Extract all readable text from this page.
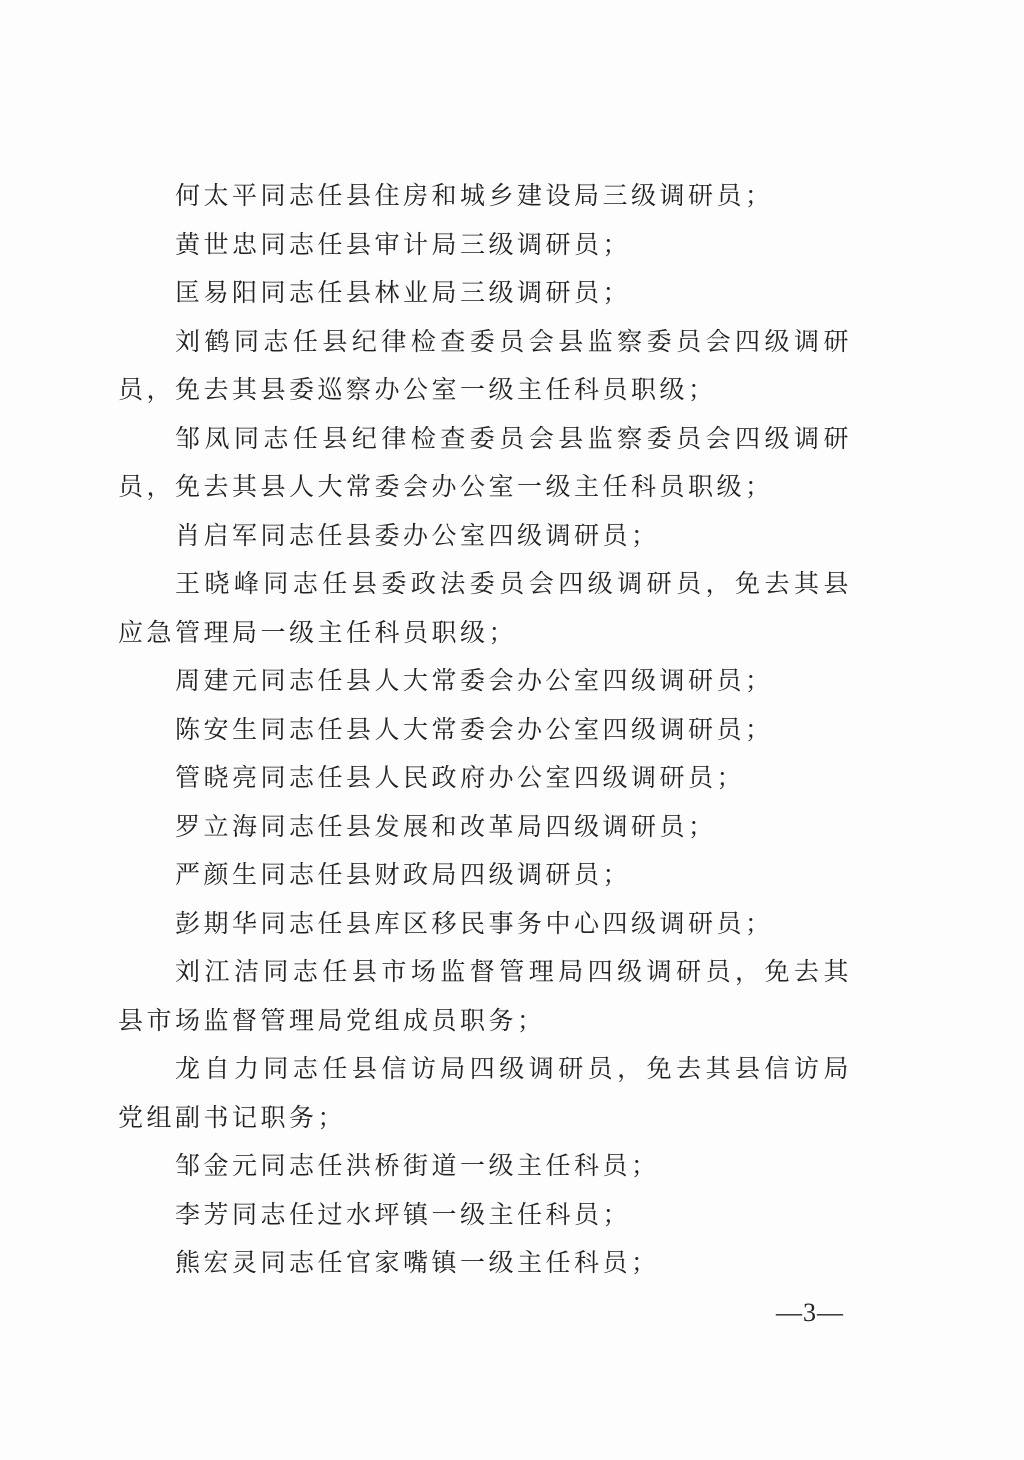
何太平同志任县住房和城乡建设局三级调研员；

黄世忠同志任县审计局三级调研员；

匡易阳同志任县林业局三级调研员；

刘鹤同志任县纪律检查委员会县监察委员会四级调研员，免去其县委巡察办公室一级主任科员职级；

邹凤同志任县纪律检查委员会县监察委员会四级调研员，免去其县人大常委会办公室一级主任科员职级；

肖启军同志任县委办公室四级调研员；

王晓峰同志任县委政法委员会四级调研员，免去其县应急管理局一级主任科员职级；

周建元同志任县人大常委会办公室四级调研员；

陈安生同志任县人大常委会办公室四级调研员；

管晓亮同志任县人民政府办公室四级调研员；

罗立海同志任县发展和改革局四级调研员；

严颜生同志任县财政局四级调研员；

彭期华同志任县库区移民事务中心四级调研员；

刘江洁同志任县市场监督管理局四级调研员，免去其县市场监督管理局党组成员职务；

龙自力同志任县信访局四级调研员，免去其县信访局党组副书记职务；

邹金元同志任洪桥街道一级主任科员；

李芳同志任过水坪镇一级主任科员；

熊宏灵同志任官家嘴镇一级主任科员；

—3—
